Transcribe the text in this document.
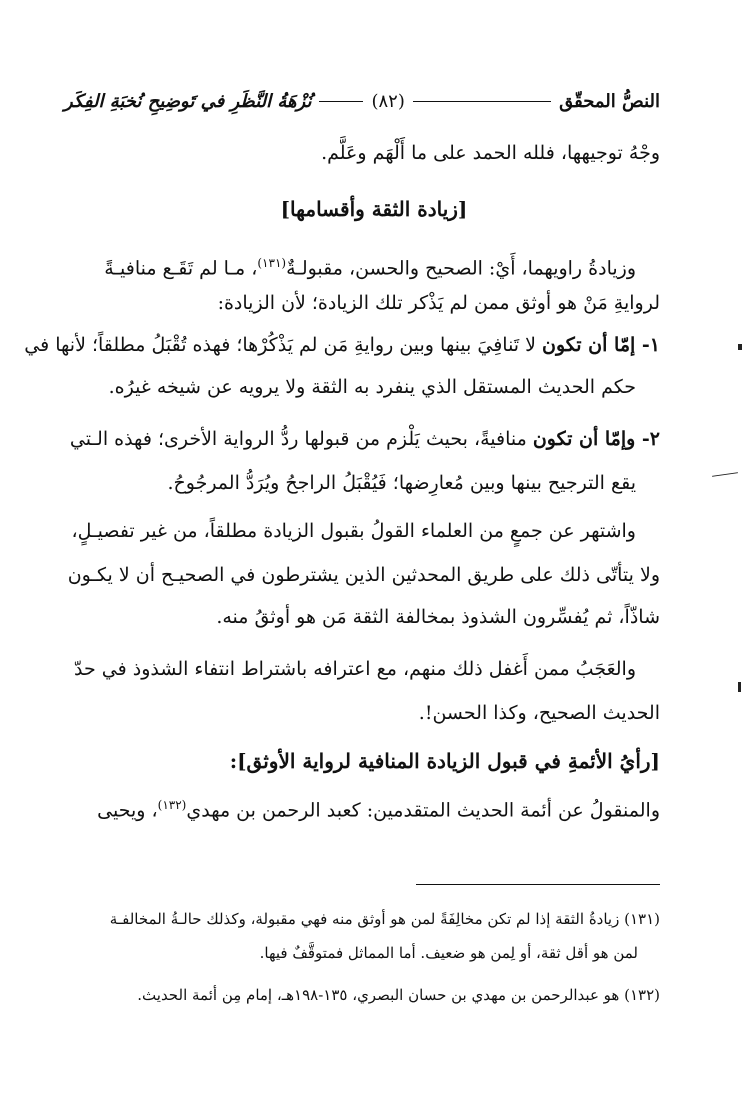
النصُّ المحقّق
(٨٢)
نُزْهَةُ النَّظَرِ في تَوضِيحِ نُخبَةِ الفِكَر
وجْهُ توجيهها، فلله الحمد على ما أَلْهَم وعَلَّم.
[زيادة الثقة وأقسامها]
وزيادةُ راويهما، أَيْ: الصحيح والحسن، مقبولـةٌ$^{(١٣١)}$، مـا لم تَقَـع منافيـةً
لروايةِ مَنْ هو أوثق ممن لم يَذْكر تلك الزيادة؛ لأن الزيادة:
١- إمّا أن تكون لا تَنافِيَ بينها وبين روايةِ مَن لم يَذْكُرْها؛ فهذه تُقْبَلُ مطلقاً؛ لأنها في
حكم الحديث المستقل الذي ينفرد به الثقة ولا يرويه عن شيخه غيرُه.
٢- وإمّا أن تكون منافيةً، بحيث يَلْزم من قبولها ردُّ الرواية الأخرى؛ فهذه الـتي
يقع الترجيح بينها وبين مُعارِضها؛ فَيُقْبَلُ الراجحُ ويُرَدُّ المرجُوحُ.
واشتهر عن جمعٍ من العلماء القولُ بقبول الزيادة مطلقاً، من غير تفصيـلٍ،
ولا يتأتّى ذلك على طريق المحدثين الذين يشترطون في الصحيـح أن لا يكـون
شاذّاً، ثم يُفسِّرون الشذوذ بمخالفة الثقة مَن هو أوثقُ منه.
والعَجَبُ ممن أَغفل ذلك منهم، مع اعترافه باشتراط انتفاء الشذوذ في حدّ
الحديث الصحيح، وكذا الحسن!.
[رأيُ الأئمةِ في قبول الزيادة المنافية لرواية الأوثق]:
والمنقولُ عن أئمة الحديث المتقدمين: كعبد الرحمن بن مهدي$^{(١٣٢)}$، ويحيى
(١٣١) زيادةُ الثقة إذا لم تكن مخالِفَةً لمن هو أوثق منه فهي مقبولة، وكذلك حالـةُ المخالفـة
لمن هو أقل ثقة، أو لِمن هو ضعيف. أما المماثل فمتوقَّفٌ فيها.
(١٣٢) هو عبدالرحمن بن مهدي بن حسان البصري، ١٣٥-١٩٨هـ، إمام مِن أئمة الحديث.
